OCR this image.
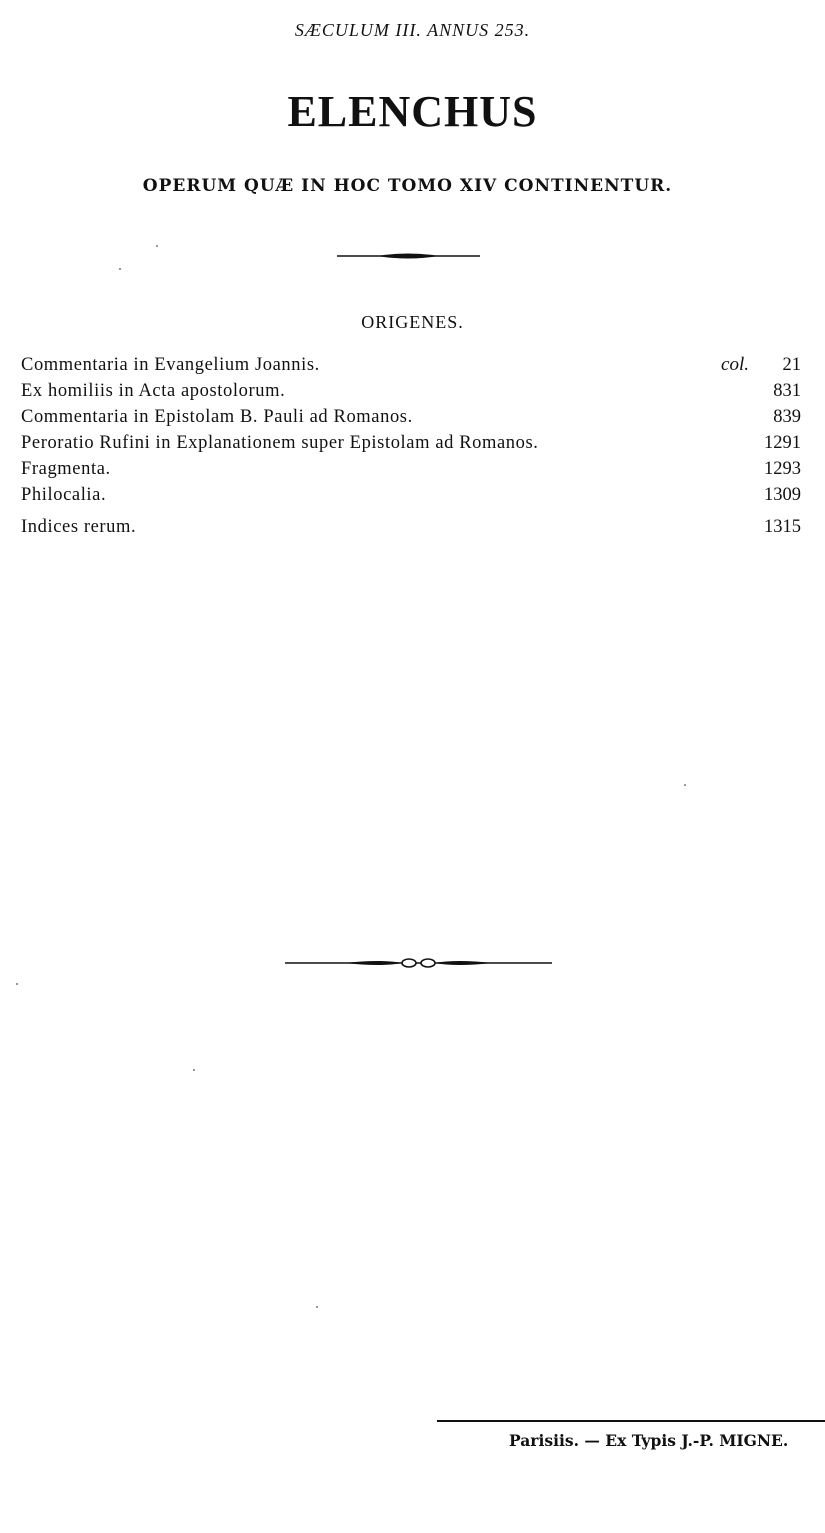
SÆCULUM III. ANNUS 253.
ELENCHUS
OPERUM QUÆ IN HOC TOMO XIV CONTINENTUR.
ORIGENES.
Commentaria in Evangelium Joannis.	col. 21
Ex homiliis in Acta apostolorum.	831
Commentaria in Epistolam B. Pauli ad Romanos.	839
Peroratio Rufini in Explanationem super Epistolam ad Romanos.	1291
Fragmenta.	1293
Philocalia.	1309
Indices rerum.	1315
Parisiis. — Ex Typis J.-P. MIGNE.
